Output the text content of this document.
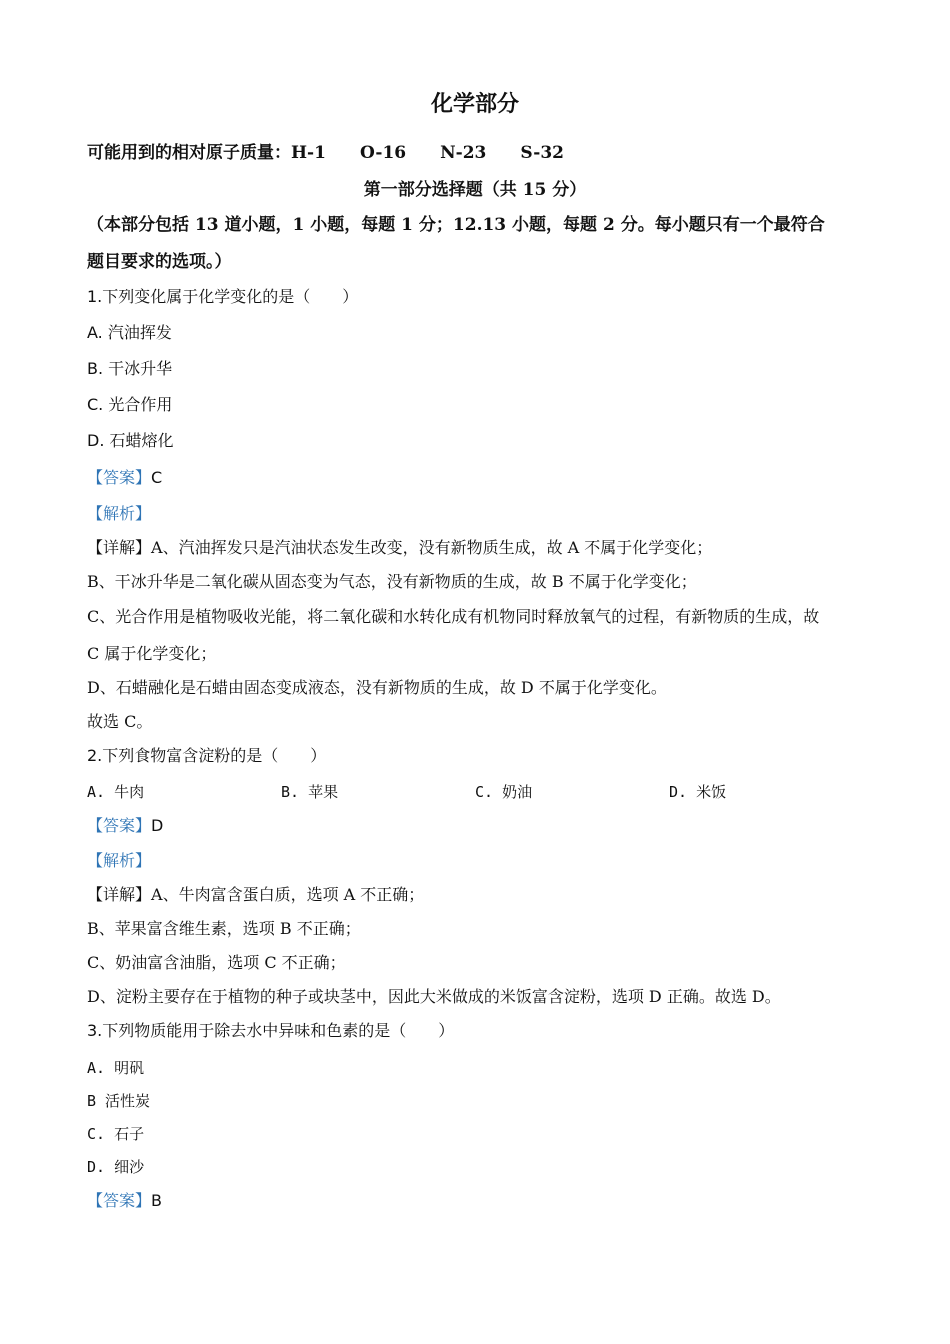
化学部分
可能用到的相对原子质量：H-1 O-16 N-23 S-32
第一部分选择题（共 15 分）
（本部分包括 13 道小题，1 小题，每题 1 分；12.13 小题，每题 2 分。每小题只有一个最符合
题目要求的选项。）
1.下列变化属于化学变化的是（　　）
A. 汽油挥发
B. 干冰升华
C. 光合作用
D. 石蜡熔化
【答案】C
【解析】
【详解】A、汽油挥发只是汽油状态发生改变，没有新物质生成，故 A 不属于化学变化；
B、干冰升华是二氧化碳从固态变为气态，没有新物质的生成，故 B 不属于化学变化；
C、光合作用是植物吸收光能，将二氧化碳和水转化成有机物同时释放氧气的过程，有新物质的生成，故
C 属于化学变化；
D、石蜡融化是石蜡由固态变成液态，没有新物质的生成，故 D 不属于化学变化。
故选 C。
2.下列食物富含淀粉的是（　　）
A. 牛肉	B. 苹果	C. 奶油	D. 米饭
【答案】D
【解析】
【详解】A、牛肉富含蛋白质，选项 A 不正确；
B、苹果富含维生素，选项 B 不正确；
C、奶油富含油脂，选项 C 不正确；
D、淀粉主要存在于植物的种子或块茎中，因此大米做成的米饭富含淀粉，选项 D 正确。故选 D。
3.下列物质能用于除去水中异味和色素的是（　　）
A. 明矾
B 活性炭
C. 石子
D. 细沙
【答案】B
